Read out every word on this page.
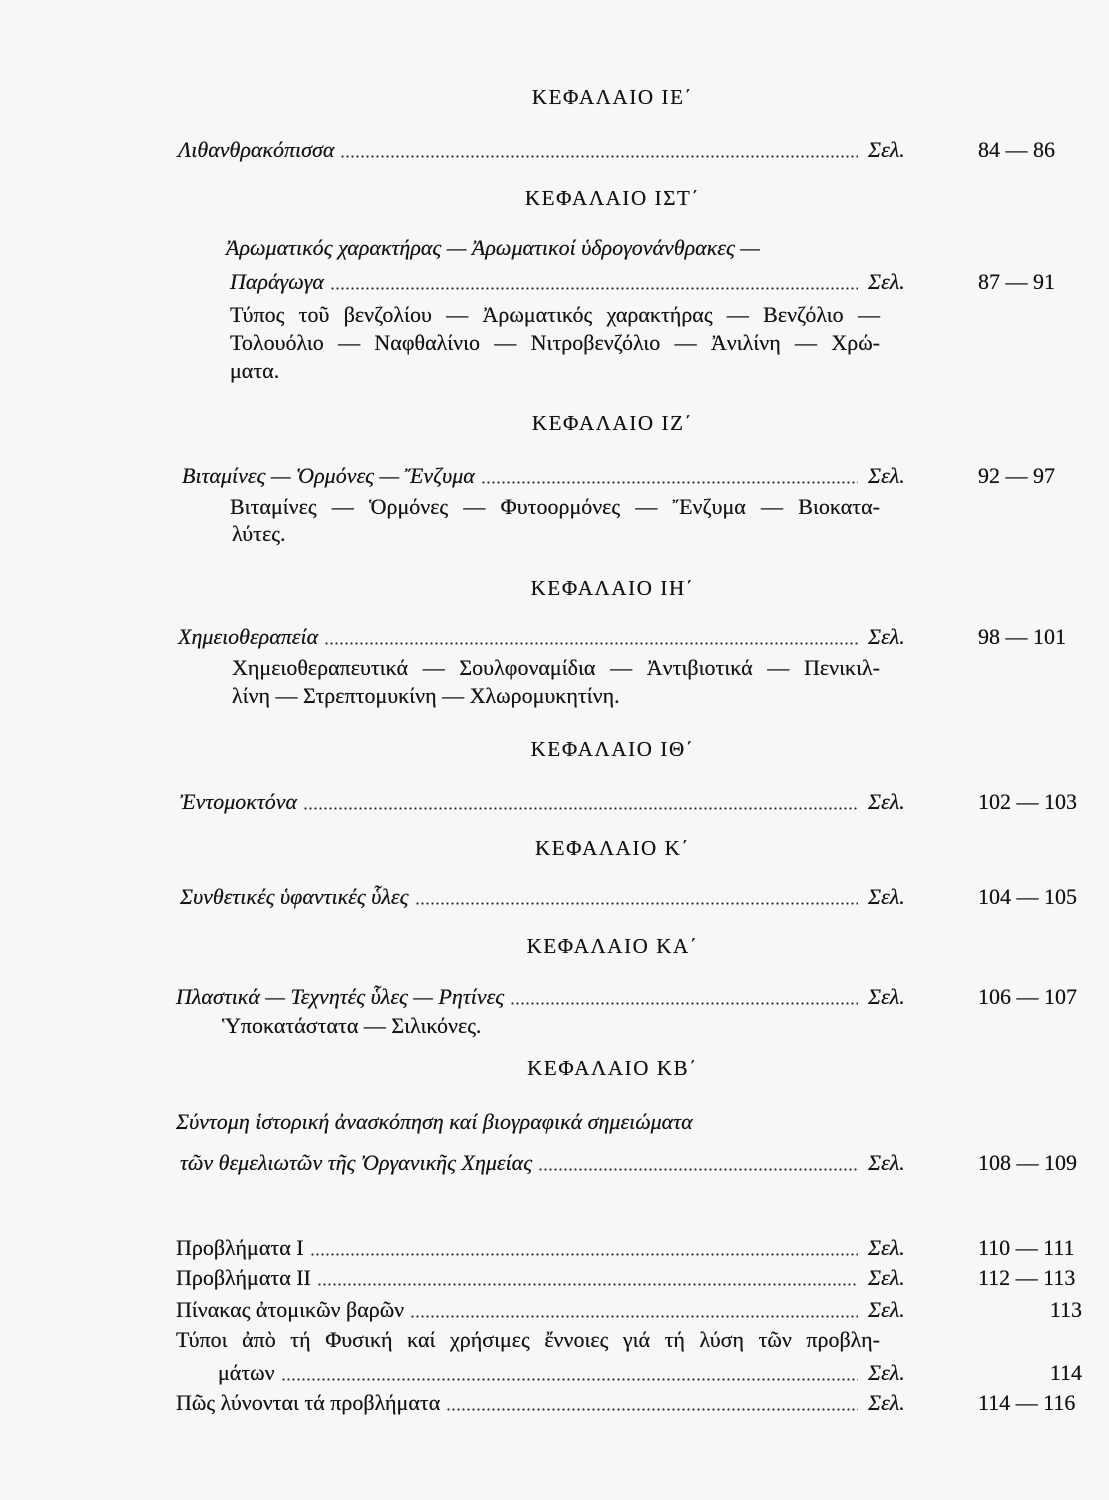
ΚΕΦΑΛΑΙΟ ΙΕ΄
Λιθανθρακόπισσα	Σελ.	84 — 86
ΚΕΦΑΛΑΙΟ ΙΣΤ΄
Ἀρωματικός χαρακτήρας — Ἀρωματικοί ὑδρογονάνθρακες —
Παράγωγα	Σελ.	87 — 91
Τύπος τοῦ βενζολίου — Ἀρωματικός χαρακτήρας — Βενζόλιο —
Τολουόλιο — Ναφθαλίνιο — Νιτροβενζόλιο — Ἀνιλίνη — Χρώ-
ματα.
ΚΕΦΑΛΑΙΟ ΙΖ΄
Βιταμίνες — Ὁρμόνες — Ἔνζυμα	Σελ.	92 — 97
Βιταμίνες — Ὁρμόνες — Φυτοορμόνες — Ἔνζυμα — Βιοκατα-
λύτες.
ΚΕΦΑΛΑΙΟ ΙΗ΄
Χημειοθεραπεία	Σελ.	98 — 101
Χημειοθεραπευτικά — Σουλφοναμίδια — Ἀντιβιοτικά — Πενικιλ-
λίνη — Στρεπτομυκίνη — Χλωρομυκητίνη.
ΚΕΦΑΛΑΙΟ ΙΘ΄
Ἐντομοκτόνα	Σελ.	102 — 103
ΚΕΦΑΛΑΙΟ Κ΄
Συνθετικές ὑφαντικές ὗλες	Σελ.	104 — 105
ΚΕΦΑΛΑΙΟ ΚΑ΄
Πλαστικά — Τεχνητές ὗλες — Ρητίνες	Σελ.	106 — 107
Ὑποκατάστατα — Σιλικόνες.
ΚΕΦΑΛΑΙΟ ΚΒ΄
Σύντομη ἱστορική ἀνασκόπηση καί βιογραφικά σημειώματα
τῶν θεμελιωτῶν τῆς Ὀργανικῆς Χημείας	Σελ.	108 — 109
Προβλήματα Ι	Σελ.	110 — 111
Προβλήματα ΙΙ	Σελ.	112 — 113
Πίνακας ἀτομικῶν βαρῶν	Σελ.	113
Τύποι ἀπὸ τή Φυσική καί χρήσιμες ἔννοιες γιά τή λύση τῶν προβλη-
μάτων	Σελ.	114
Πῶς λύνονται τά προβλήματα	Σελ.	114 — 116
